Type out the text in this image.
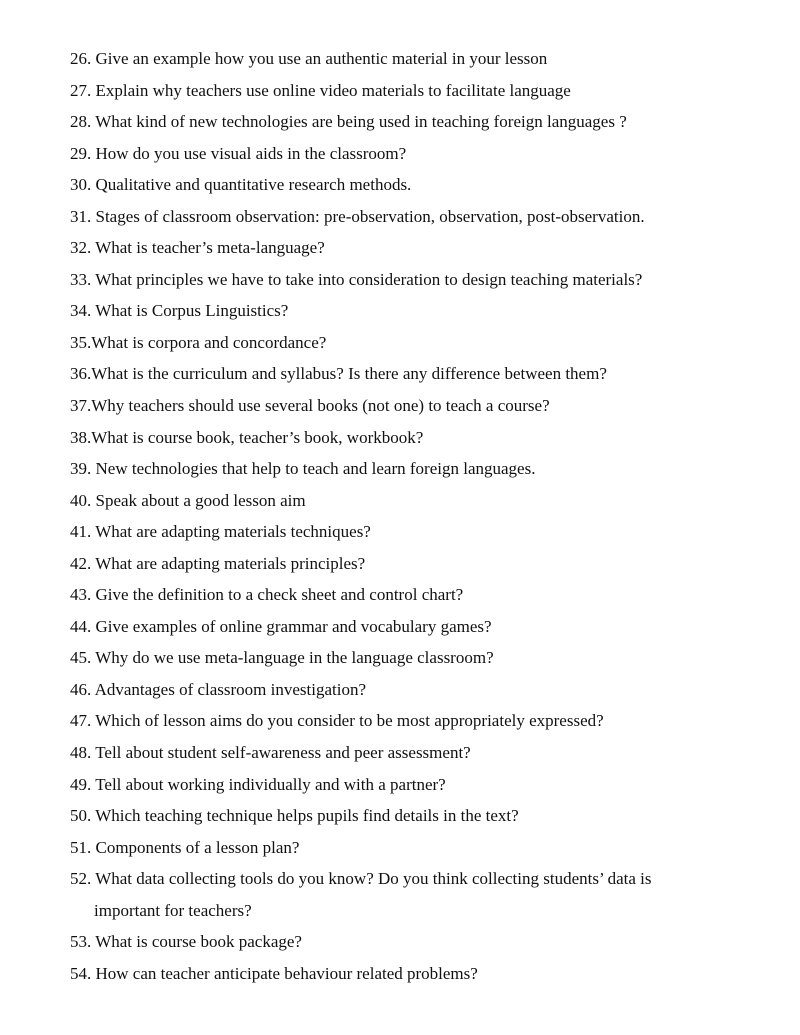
26. Give an example how you use an authentic material in your lesson
27. Explain why teachers use online video materials to facilitate language
28. What kind of new technologies are being used in teaching foreign languages ?
29. How do you use visual aids in the classroom?
30. Qualitative and quantitative research methods.
31. Stages of classroom observation: pre-observation, observation, post-observation.
32. What is teacher’s meta-language?
33. What principles we have to take into consideration to design teaching materials?
34. What is Corpus Linguistics?
35.What is corpora and concordance?
36.What is the curriculum and syllabus? Is there any difference between them?
37.Why teachers should use several books (not one) to teach a course?
38.What is course book, teacher’s book, workbook?
39. New technologies that help to teach and learn foreign languages.
40. Speak about a good lesson aim
41. What are adapting materials techniques?
42. What are adapting materials principles?
43. Give the definition to a check sheet and control chart?
44. Give examples of online grammar and vocabulary games?
45. Why do we use meta-language in the language classroom?
46. Advantages of classroom investigation?
47. Which of lesson aims do you consider to be most appropriately expressed?
48. Tell about student self-awareness and peer assessment?
49. Tell about working individually and with a partner?
50. Which teaching technique helps pupils find details in the text?
51. Components of a lesson plan?
52. What data collecting tools do you know? Do you think collecting students’ data is
important for teachers?
53. What is course book package?
54. How can teacher anticipate behaviour related problems?
